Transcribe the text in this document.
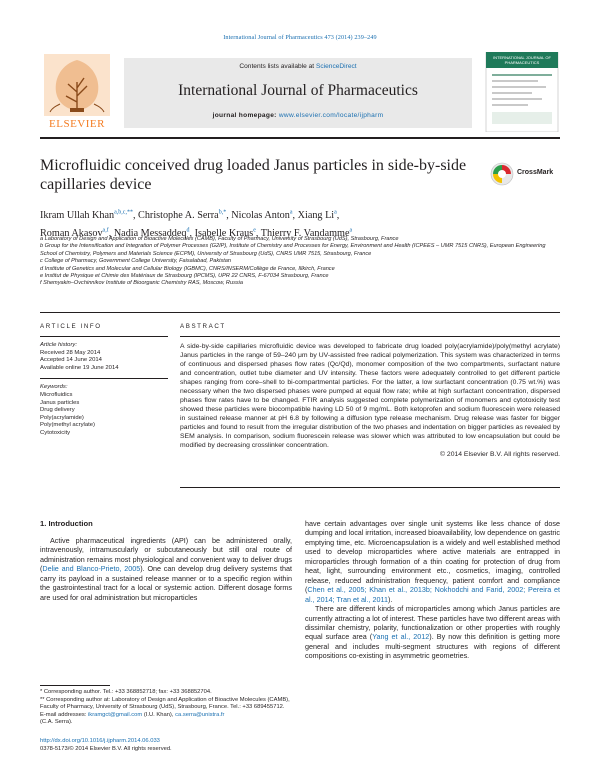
International Journal of Pharmaceutics 473 (2014) 239–249
ELSEVIER
Contents lists available at ScienceDirect
International Journal of Pharmaceutics
journal homepage: www.elsevier.com/locate/ijpharm
INTERNATIONAL JOURNAL OF PHARMACEUTICS
Microfluidic conceived drug loaded Janus particles in side-by-side capillaries device
CrossMark
Ikram Ullah Khan$^{a,b,c,**}$, Christophe A. Serra$^{b,*}$, Nicolas Anton$^a$, Xiang Li$^a$,
Roman Akasov$^{a,f}$, Nadia Messaddeq$^d$, Isabelle Kraus$^e$, Thierry F. Vandamme$^a$

a Laboratory of Design and Application of Bioactive Molecules (CAMB), Faculty of Pharmacy, University of Strasbourg (UdS), Strasbourg, France

b Group for the Intensification and Integration of Polymer Processes (G2IP), Institute of Chemistry and Processes for Energy, Environment and Health (ICPEES – UMR 7515 CNRS), European Engineering School of Chemistry, Polymers and Materials Science (ECPM), University of Strasbourg (UdS), CNRS UMR 7515, Strasbourg, France

c College of Pharmacy, Government College University, Faisalabad, Pakistan

d Institute of Genetics and Molecular and Cellular Biology (IGBMC), CNRS/INSERM/Collège de France, Illkirch, France

e Institut de Physique et Chimie des Matériaux de Strasbourg (IPCMS), UPR 22 CNRS, F-67034 Strasbourg, France

f Shemyakin–Ovchinnikov Institute of Bioorganic Chemistry RAS, Moscow, Russia

ARTICLE INFO
Article history:
Received 28 May 2014
Accepted 14 June 2014
Available online 19 June 2014
Keywords:
Microfluidics
Janus particles
Drug delivery
Poly(acrylamide)
Poly(methyl acrylate)
Cytotoxicity
ABSTRACT
A side-by-side capillaries microfluidic device was developed to fabricate drug loaded poly(acrylamide)/poly(methyl acrylate) Janus particles in the range of 59–240 μm by UV-assisted free radical polymerization. This system was characterized in terms of continuous and dispersed phases flow rates (Qc/Qd), monomer composition of the two compartments, surfactant nature and concentration, outlet tube diameter and UV intensity. These factors were adequately controlled to get different particle shapes ranging from core–shell to bi-compartmental particles. For the latter, a low surfactant concentration (0.75 wt.%) was necessary when the two dispersed phases were pumped at equal flow rate; while at high surfactant concentration, dispersed phases flow rates have to be changed. FTIR analysis suggested complete polymerization of monomers and cytotoxicity test showed these particles were biocompatible having LD 50 of 9 mg/mL. Both ketoprofen and sodium fluorescein were released in sustained release manner at pH 6.8 by following a diffusion type release mechanism. Drug release was faster for bigger particles and found to result from the irregular distribution of the two phases and indentation on bigger particles as revealed by SEM analysis. In comparison, sodium fluorescein release was slower which was attributed to low encapsulation but could be modified by decreasing crosslinker concentration.
© 2014 Elsevier B.V. All rights reserved.
1. Introduction

Active pharmaceutical ingredients (API) can be administered orally, intravenously, intramuscularly or subcutaneously but still oral route of administration remains most physiological and convenient way to deliver drugs (Delie and Blanco-Prieto, 2005). One can develop drug delivery systems that carry its payload in a sustained release manner or to a specific region within the gastrointestinal tract for a local or systemic action. Different dosage forms are used for oral administration but microparticles

have certain advantages over single unit systems like less chance of dose dumping and local irritation, increased bioavailability, low dependence on gastric emptying time, etc. Microencapsulation is a widely and well established method used to develop microparticles where active materials are entrapped in microparticles through formation of a thin coating for protection of drug from heat, light, surrounding environment etc., cosmetics, imaging, controlled release, reduced administration frequency, patient comfort and compliance (Chen et al., 2005; Khan et al., 2013b; Nokhodchi and Farid, 2002; Pereira et al., 2014; Tran et al., 2011).

There are different kinds of microparticles among which Janus particles are currently attracting a lot of interest. These particles have two different areas with dissimilar chemistry, polarity, functionalization or other properties with roughly equal surface area (Yang et al., 2012). By now this definition is getting more general and includes multi-segment structures with regions of different compositions co-existing in asymmetric geometries.

* Corresponding author. Tel.: +33 368852718; fax: +33 368852704.

** Corresponding author at: Laboratory of Design and Application of Bioactive Molecules (CAMB), Faculty of Pharmacy, University of Strasbourg (UdS), Strasbourg, France. Tel.: +33 689455712.

E-mail addresses: ikramgct@gmail.com (I.U. Khan), ca.serra@unistra.fr
(C.A. Serra).

http://dx.doi.org/10.1016/j.ijpharm.2014.06.033

0378-5173/© 2014 Elsevier B.V. All rights reserved.
